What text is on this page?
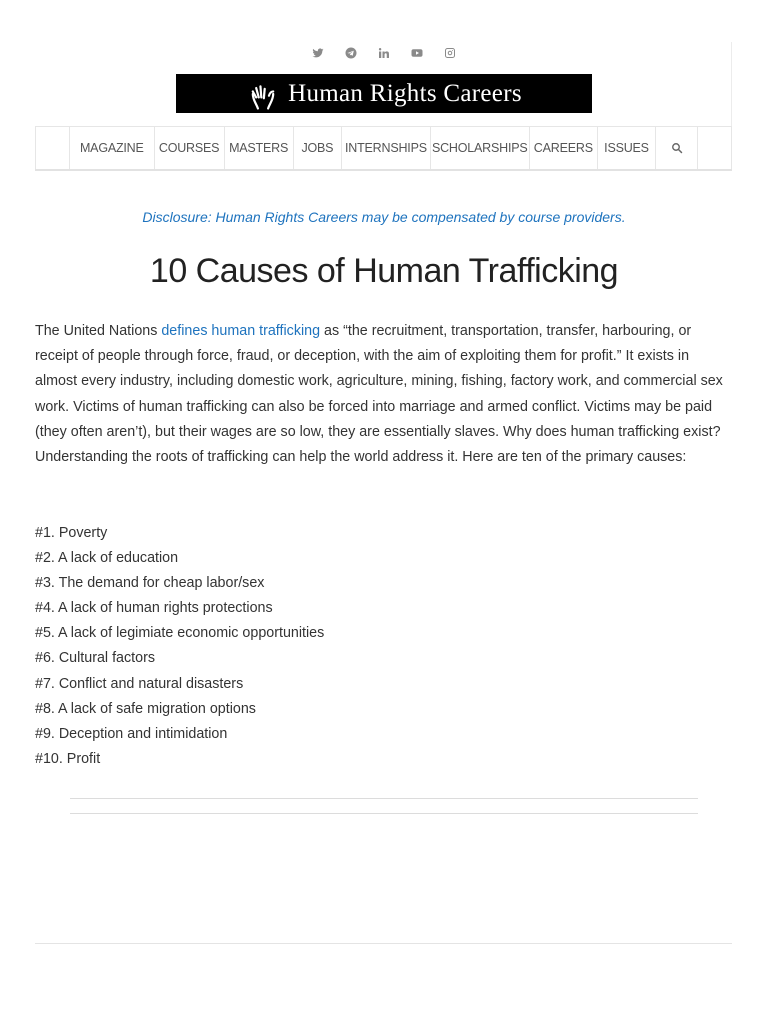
Human Rights Careers
MAGAZINE	COURSES MASTERS	JOBS INTERNSHIPS SCHOLARSHIPS CAREERS ISSUES
Disclosure: Human Rights Careers may be compensated by course providers.
10 Causes of Human Trafficking

The United Nations defines human trafficking as “the recruitment, transportation, transfer, harbouring, or receipt of people through force, fraud, or deception, with the aim of exploiting them for profit.” It exists in almost every industry, including domestic work, agriculture, mining, fishing, factory work, and commercial sex work. Victims of human trafficking can also be forced into marriage and armed conflict. Victims may be paid (they often aren’t), but their wages are so low, they are essentially slaves. Why does human trafficking exist? Understanding the roots of trafficking can help the world address it. Here are ten of the primary causes:

#1. Poverty
#2. A lack of education
#3. The demand for cheap labor/sex
#4. A lack of human rights protections
#5. A lack of legimiate economic opportunities
#6. Cultural factors
#7. Conflict and natural disasters
#8. A lack of safe migration options
#9. Deception and intimidation
#10. Profit
